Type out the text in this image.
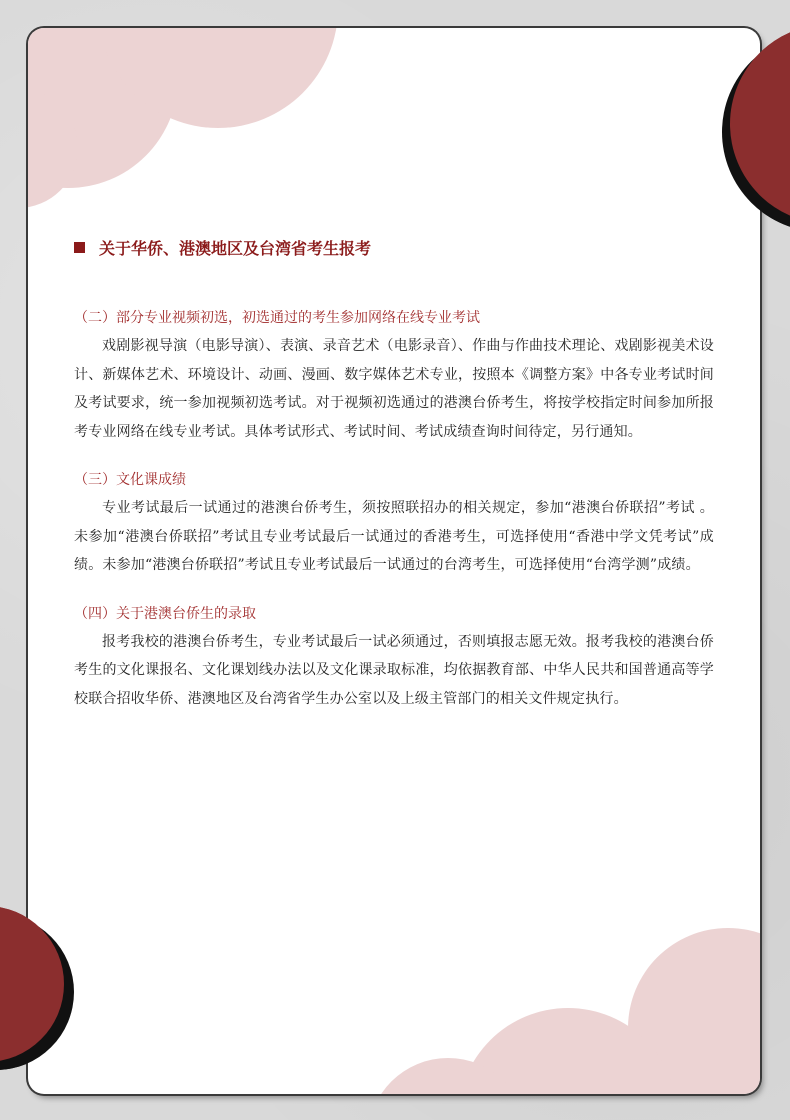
关于华侨、港澳地区及台湾省考生报考

（二）部分专业视频初选，初选通过的考生参加网络在线专业考试

戏剧影视导演（电影导演）、表演、录音艺术（电影录音）、作曲与作曲技术理论、戏剧影视美术设计、新媒体艺术、环境设计、动画、漫画、数字媒体艺术专业，按照本《调整方案》中各专业考试时间及考试要求，统一参加视频初选考试。对于视频初选通过的港澳台侨考生，将按学校指定时间参加所报考专业网络在线专业考试。具体考试形式、考试时间、考试成绩查询时间待定，另行通知。

（三）文化课成绩

专业考试最后一试通过的港澳台侨考生，须按照联招办的相关规定，参加“港澳台侨联招”考试 。未参加“港澳台侨联招”考试且专业考试最后一试通过的香港考生，可选择使用“香港中学文凭考试”成绩。未参加“港澳台侨联招”考试且专业考试最后一试通过的台湾考生，可选择使用“台湾学测”成绩。

（四）关于港澳台侨生的录取

报考我校的港澳台侨考生，专业考试最后一试必须通过，否则填报志愿无效。报考我校的港澳台侨考生的文化课报名、文化课划线办法以及文化课录取标准，均依据教育部、中华人民共和国普通高等学校联合招收华侨、港澳地区及台湾省学生办公室以及上级主管部门的相关文件规定执行。
